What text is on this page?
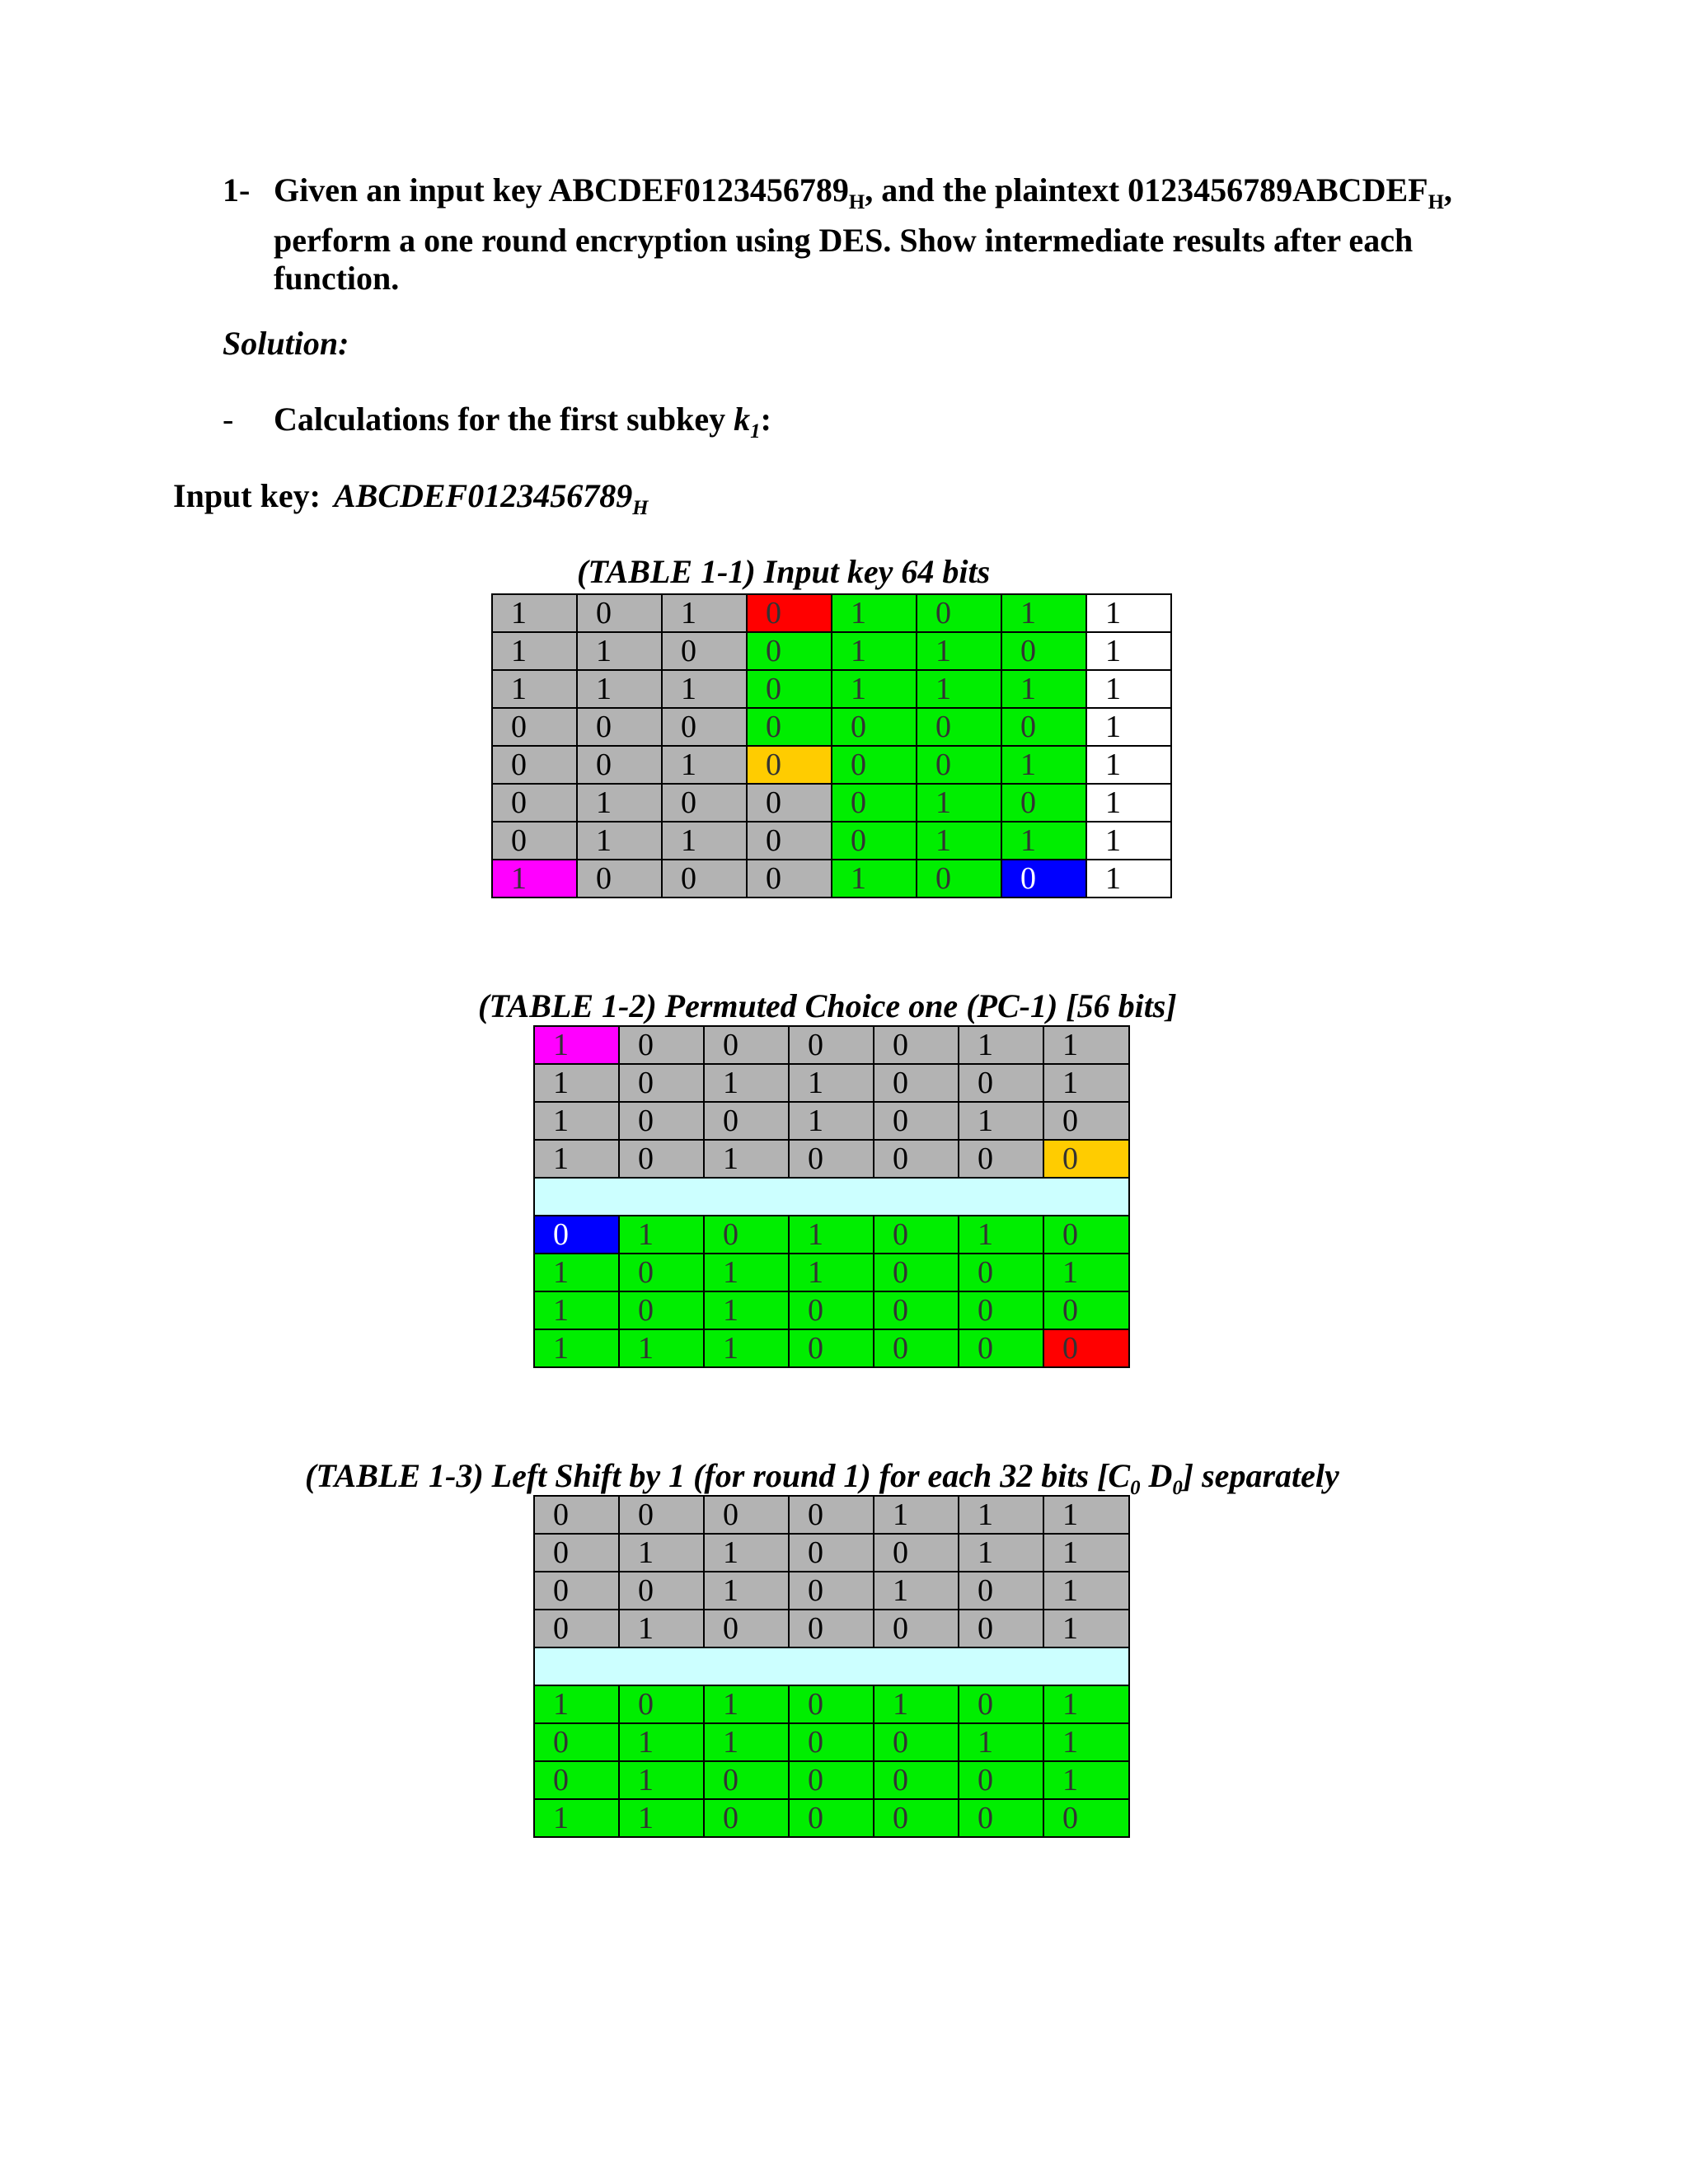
1- Given an input key $ABCDEF0123456789_H$, and the plaintext $0123456789ABCDEF_H$, perform a one round encryption using DES. Show intermediate results after each function.
Solution:
- Calculations for the first subkey $k_1$:
Input key: $ABCDEF0123456789_H$
(TABLE 1-1) Input key 64 bits
1	0	1	0	1	0	1	1
1	1	0	0	1	1	0	1
1	1	1	0	1	1	1	1
0	0	0	0	0	0	0	1
0	0	1	0	0	0	1	1
0	1	0	0	0	1	0	1
0	1	1	0	0	1	1	1
1	0	0	0	1	0	0	1
(TABLE 1-2) Permuted Choice one (PC-1) [56 bits]
1	0	0	0	0	1	1
1	0	1	1	0	0	1
1	0	0	1	0	1	0
1	0	1	0	0	0	0

0	1	0	1	0	1	0
1	0	1	1	0	0	1
1	0	1	0	0	0	0
1	1	1	0	0	0	0
(TABLE 1-3) Left Shift by 1 (for round 1) for each 32 bits [$C_0$ $D_0$] separately
0	0	0	0	1	1	1
0	1	1	0	0	1	1
0	0	1	0	1	0	1
0	1	0	0	0	0	1

1	0	1	0	1	0	1
0	1	1	0	0	1	1
0	1	0	0	0	0	1
1	1	0	0	0	0	0
